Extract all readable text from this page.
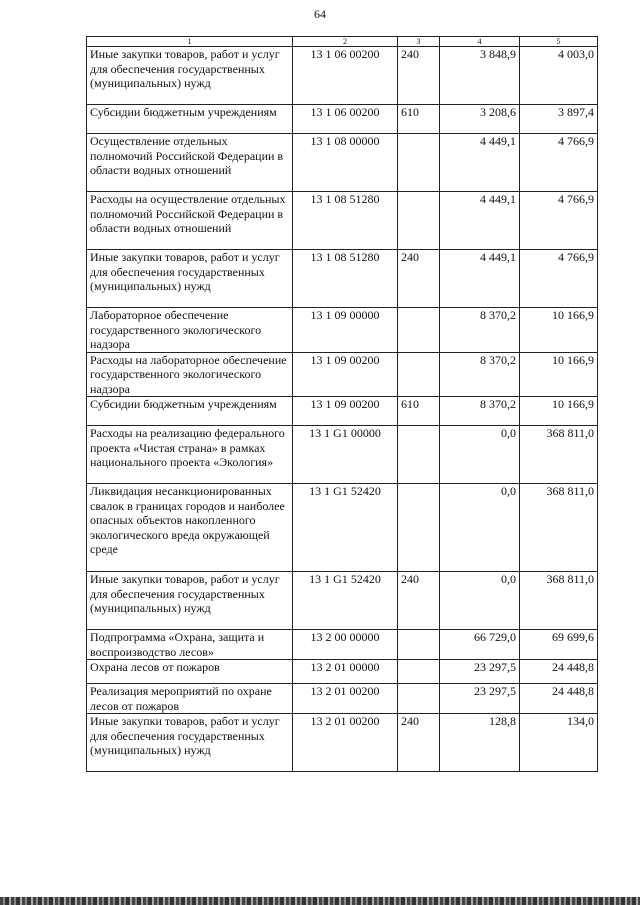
64
1	2	3	4	5
Иные закупки товаров, работ и услуг для обеспечения государственных (муниципальных) нужд	13 1 06 00200	240	3 848,9	4 003,0
Субсидии бюджетным учреждениям	13 1 06 00200	610	3 208,6	3 897,4
Осуществление отдельных полномочий Российской Федерации в области водных отношений	13 1 08 00000		4 449,1	4 766,9
Расходы на осуществление отдельных полномочий Российской Федерации в области водных отношений	13 1 08 51280		4 449,1	4 766,9
Иные закупки товаров, работ и услуг для обеспечения государственных (муниципальных) нужд	13 1 08 51280	240	4 449,1	4 766,9
Лабораторное обеспечение государственного экологического надзора	13 1 09 00000		8 370,2	10 166,9
Расходы на лабораторное обеспечение государственного экологического надзора	13 1 09 00200		8 370,2	10 166,9
Субсидии бюджетным учреждениям	13 1 09 00200	610	8 370,2	10 166,9
Расходы на реализацию федерального проекта «Чистая страна» в рамках национального проекта «Экология»	13 1 G1 00000		0,0	368 811,0
Ликвидация несанкционированных свалок в границах городов и наиболее опасных объектов накопленного экологического вреда окружающей среде	13 1 G1 52420		0,0	368 811,0
Иные закупки товаров, работ и услуг для обеспечения государственных (муниципальных) нужд	13 1 G1 52420	240	0,0	368 811,0
Подпрограмма «Охрана, защита и воспроизводство лесов»	13 2 00 00000		66 729,0	69 699,6
Охрана лесов от пожаров	13 2 01 00000		23 297,5	24 448,8
Реализация мероприятий по охране лесов от пожаров	13 2 01 00200		23 297,5	24 448,8
Иные закупки товаров, работ и услуг для обеспечения государственных (муниципальных) нужд	13 2 01 00200	240	128,8	134,0
